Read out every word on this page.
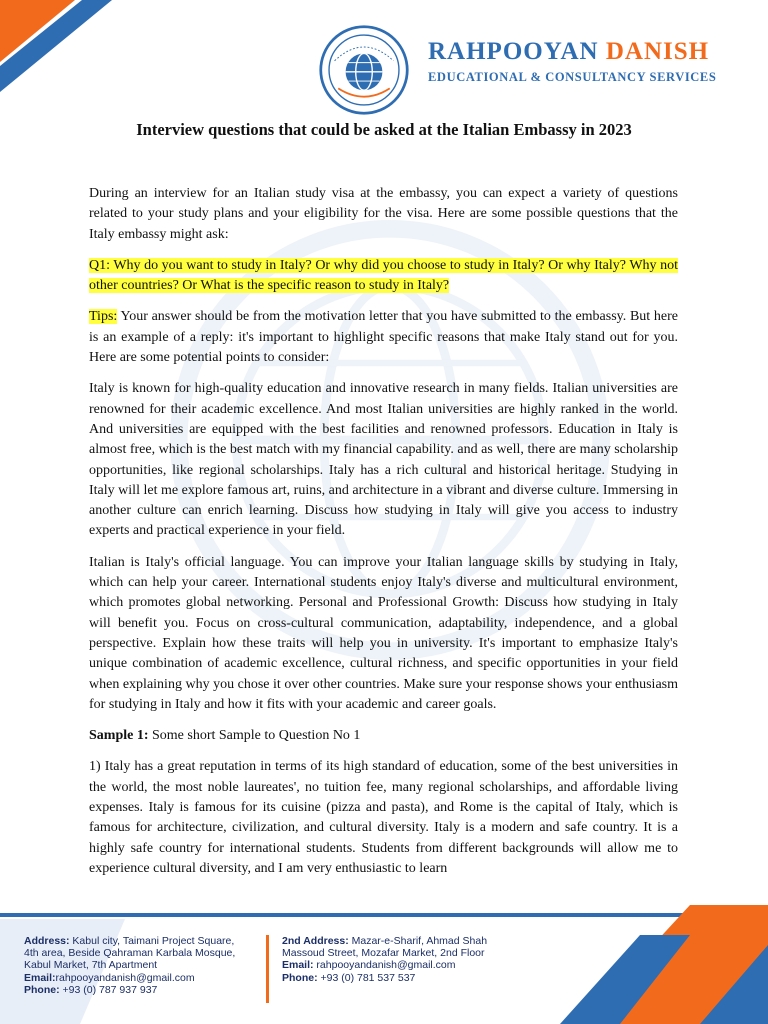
RAHPOOYAN DANISH
EDUCATIONAL & CONSULTANCY SERVICES
Interview questions that could be asked at the Italian Embassy in 2023

During an interview for an Italian study visa at the embassy, you can expect a variety of questions related to your study plans and your eligibility for the visa. Here are some possible questions that the Italy embassy might ask:

Q1: Why do you want to study in Italy? Or why did you choose to study in Italy? Or why Italy? Why not other countries? Or What is the specific reason to study in Italy?

Tips: Your answer should be from the motivation letter that you have submitted to the embassy. But here is an example of a reply: it's important to highlight specific reasons that make Italy stand out for you. Here are some potential points to consider:

Italy is known for high-quality education and innovative research in many fields. Italian universities are renowned for their academic excellence. And most Italian universities are highly ranked in the world. And universities are equipped with the best facilities and renowned professors. Education in Italy is almost free, which is the best match with my financial capability. and as well, there are many scholarship opportunities, like regional scholarships. Italy has a rich cultural and historical heritage. Studying in Italy will let me explore famous art, ruins, and architecture in a vibrant and diverse culture. Immersing in another culture can enrich learning. Discuss how studying in Italy will give you access to industry experts and practical experience in your field.

Italian is Italy's official language. You can improve your Italian language skills by studying in Italy, which can help your career. International students enjoy Italy's diverse and multicultural environment, which promotes global networking. Personal and Professional Growth: Discuss how studying in Italy will benefit you. Focus on cross-cultural communication, adaptability, independence, and a global perspective. Explain how these traits will help you in university. It's important to emphasize Italy's unique combination of academic excellence, cultural richness, and specific opportunities in your field when explaining why you chose it over other countries. Make sure your response shows your enthusiasm for studying in Italy and how it fits with your academic and career goals.

Sample 1: Some short Sample to Question No 1

1) Italy has a great reputation in terms of its high standard of education, some of the best universities in the world, the most noble laureates', no tuition fee, many regional scholarships, and affordable living expenses. Italy is famous for its cuisine (pizza and pasta), and Rome is the capital of Italy, which is famous for architecture, civilization, and cultural diversity. Italy is a modern and safe country. It is a highly safe country for international students. Students from different backgrounds will allow me to experience cultural diversity, and I am very enthusiastic to learn

Address: Kabul city, Taimani Project Square,
4th area, Beside Qahraman Karbala Mosque,
Kabul Market, 7th Apartment
Email:rahpooyandanish@gmail.com
Phone: +93 (0) 787 937 937
2nd Address: Mazar-e-Sharif, Ahmad Shah
Massoud Street, Mozafar Market, 2nd Floor
Email: rahpooyandanish@gmail.com
Phone: +93 (0) 781 537 537
